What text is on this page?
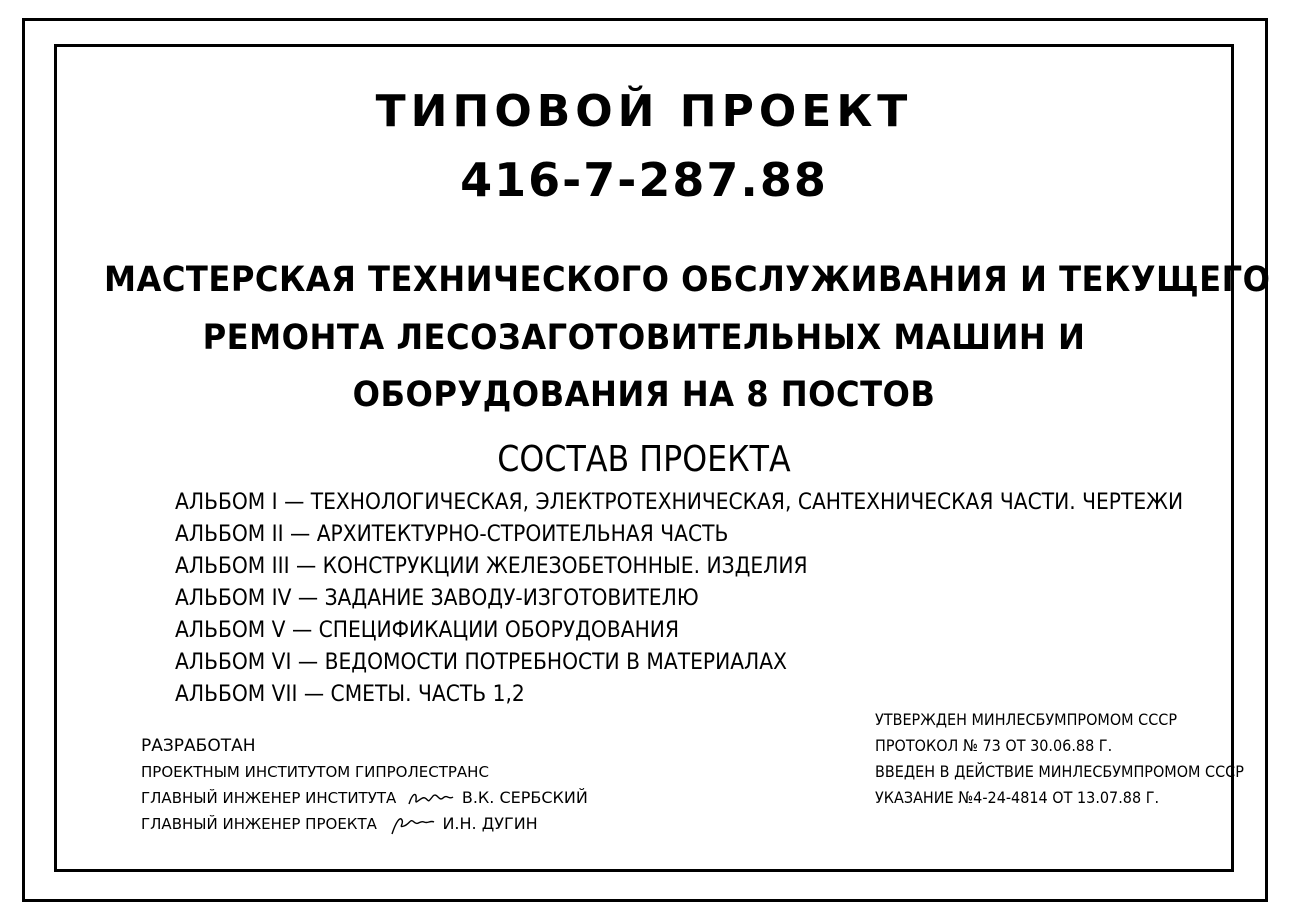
ТИПОВОЙ ПРОЕКТ
416-7-287.88
МАСТЕРСКАЯ ТЕХНИЧЕСКОГО ОБСЛУЖИВАНИЯ И ТЕКУЩЕГО
РЕМОНТА ЛЕСОЗАГОТОВИТЕЛЬНЫХ МАШИН И
ОБОРУДОВАНИЯ НА 8 ПОСТОВ
СОСТАВ ПРОЕКТА
АЛЬБОМ I — ТЕХНОЛОГИЧЕСКАЯ, ЭЛЕКТРОТЕХНИЧЕСКАЯ, САНТЕХНИЧЕСКАЯ ЧАСТИ. ЧЕРТЕЖИ
АЛЬБОМ II — АРХИТЕКТУРНО-СТРОИТЕЛЬНАЯ ЧАСТЬ
АЛЬБОМ III — КОНСТРУКЦИИ ЖЕЛЕЗОБЕТОННЫЕ. ИЗДЕЛИЯ
АЛЬБОМ IV — ЗАДАНИЕ ЗАВОДУ-ИЗГОТОВИТЕЛЮ
АЛЬБОМ V — СПЕЦИФИКАЦИИ ОБОРУДОВАНИЯ
АЛЬБОМ VI — ВЕДОМОСТИ ПОТРЕБНОСТИ В МАТЕРИАЛАХ
АЛЬБОМ VII — СМЕТЫ. ЧАСТЬ 1,2
РАЗРАБОТАН
ПРОЕКТНЫМ ИНСТИТУТОМ ГИПРОЛЕСТРАНС
ГЛАВНЫЙ ИНЖЕНЕР ИНСТИТУТА	В.К. СЕРБСКИЙ
ГЛАВНЫЙ ИНЖЕНЕР ПРОЕКТА	И.Н. ДУГИН
УТВЕРЖДЕН МИНЛЕСБУМПРОМОМ СССР
ПРОТОКОЛ № 73 ОТ 30.06.88 Г.
ВВЕДЕН В ДЕЙСТВИЕ МИНЛЕСБУМПРОМОМ СССР
УКАЗАНИЕ №4-24-4814 ОТ 13.07.88 Г.
